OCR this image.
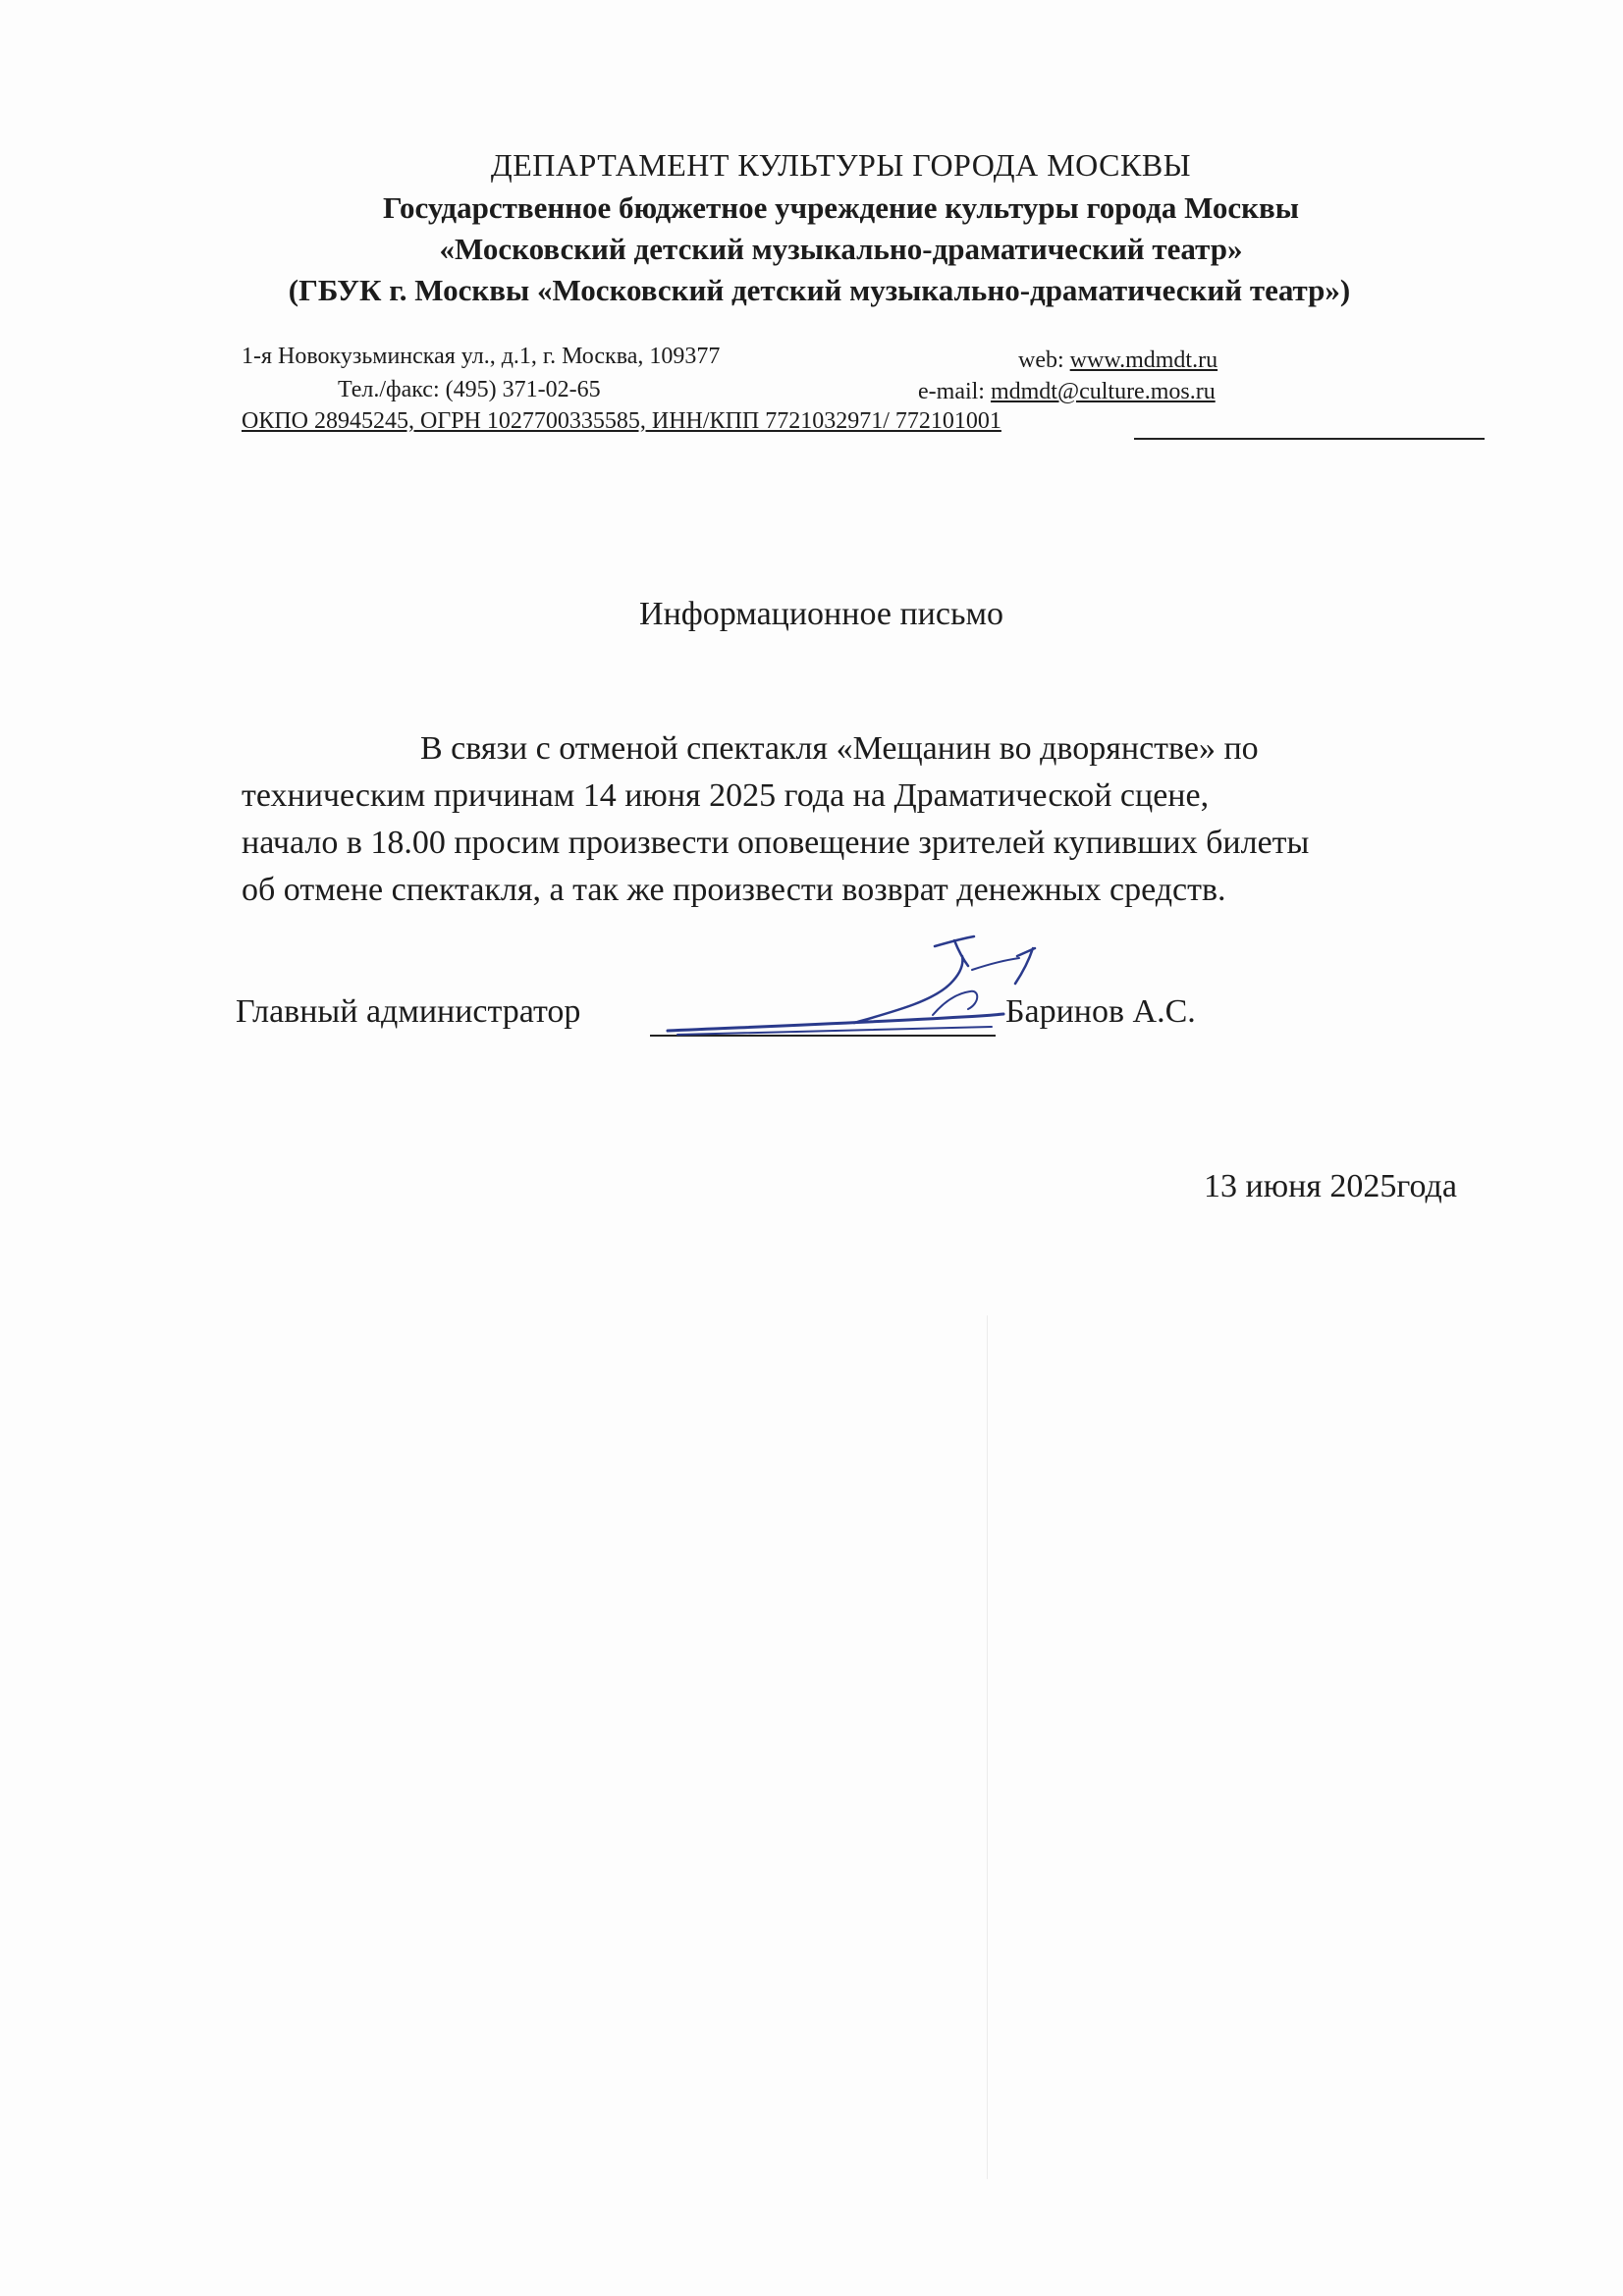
ДЕПАРТАМЕНТ КУЛЬТУРЫ ГОРОДА МОСКВЫ
Государственное бюджетное учреждение культуры города Москвы
«Московский детский музыкально-драматический театр»
(ГБУК г. Москвы «Московский детский музыкально-драматический театр»)
1-я Новокузьминская ул., д.1, г. Москва, 109377
Тел./факс: (495) 371-02-65
web: www.mdmdt.ru
e-mail: mdmdt@culture.mos.ru
ОКПО 28945245, ОГРН 1027700335585, ИНН/КПП 7721032971/ 772101001
Информационное письмо
В связи с отменой спектакля «Мещанин во дворянстве» по
техническим причинам 14 июня 2025 года на Драматической сцене,
начало в 18.00 просим произвести оповещение зрителей купивших билеты
об отмене спектакля, а так же произвести возврат денежных средств.
Главный администратор	Баринов А.С.
13 июня 2025года
